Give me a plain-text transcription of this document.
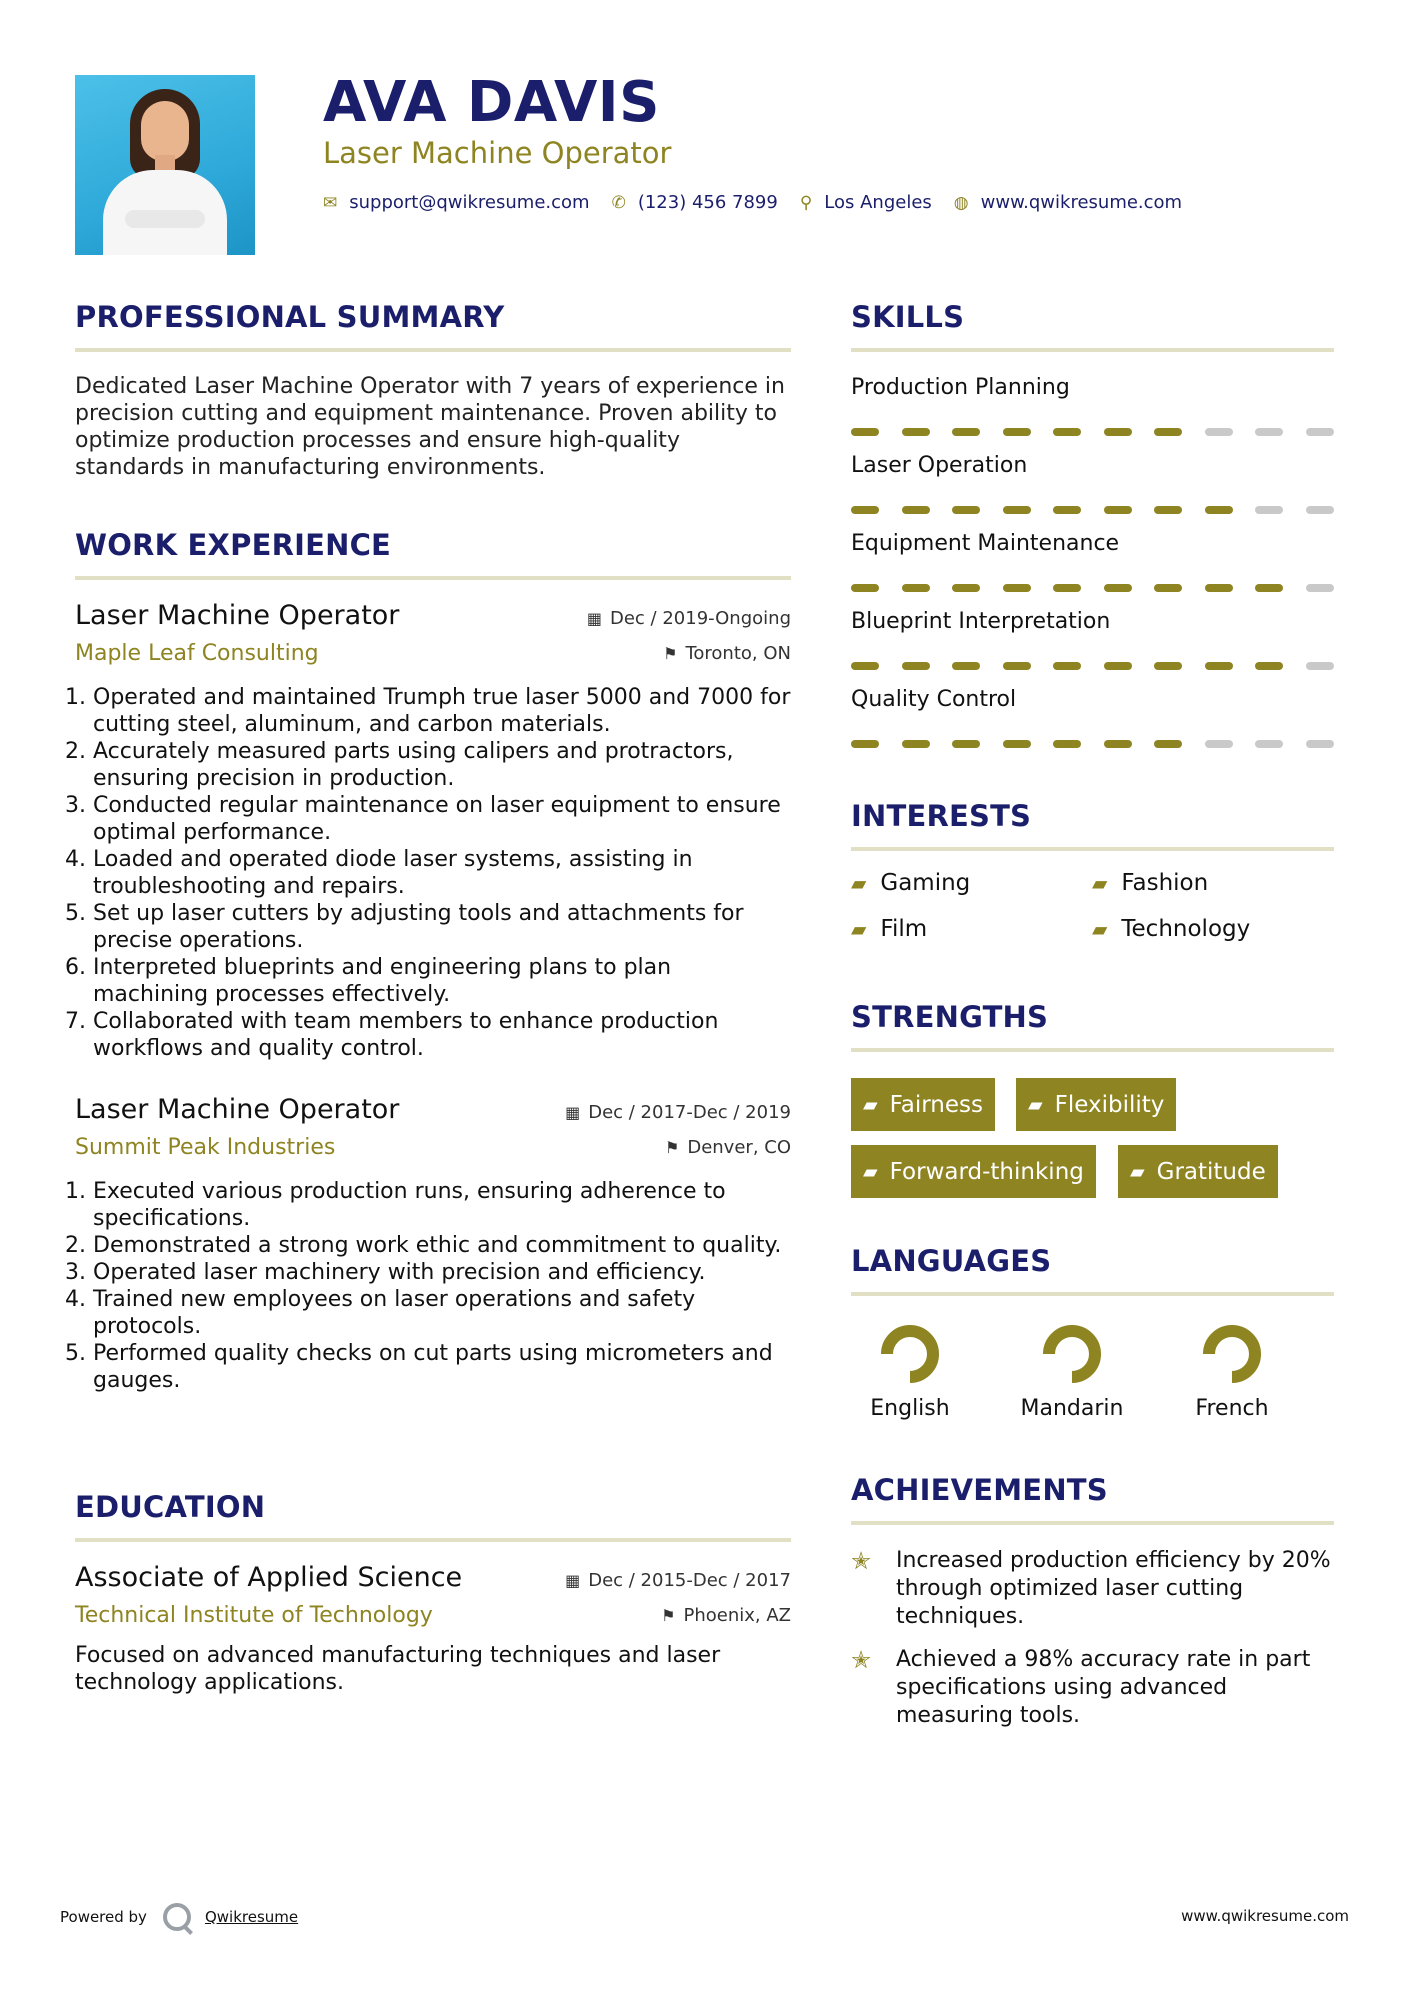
AVA DAVIS
Laser Machine Operator
✉ support@qwikresume.com ✆ (123) 456 7899 ⚲ Los Angeles ◍ www.qwikresume.com
PROFESSIONAL SUMMARY
Dedicated Laser Machine Operator with 7 years of experience in precision cutting and equipment maintenance. Proven ability to optimize production processes and ensure high-quality standards in manufacturing environments.
WORK EXPERIENCE
Laser Machine Operator	▦ Dec / 2019-Ongoing
Maple Leaf Consulting	⚑ Toronto, ON
1. Operated and maintained Trumph true laser 5000 and 7000 for cutting steel, aluminum, and carbon materials.
2. Accurately measured parts using calipers and protractors, ensuring precision in production.
3. Conducted regular maintenance on laser equipment to ensure optimal performance.
4. Loaded and operated diode laser systems, assisting in troubleshooting and repairs.
5. Set up laser cutters by adjusting tools and attachments for precise operations.
6. Interpreted blueprints and engineering plans to plan machining processes effectively.
7. Collaborated with team members to enhance production workflows and quality control.
Laser Machine Operator	▦ Dec / 2017-Dec / 2019
Summit Peak Industries	⚑ Denver, CO
1. Executed various production runs, ensuring adherence to specifications.
2. Demonstrated a strong work ethic and commitment to quality.
3. Operated laser machinery with precision and efficiency.
4. Trained new employees on laser operations and safety protocols.
5. Performed quality checks on cut parts using micrometers and gauges.
EDUCATION
Associate of Applied Science	▦ Dec / 2015-Dec / 2017
Technical Institute of Technology	⚑ Phoenix, AZ
Focused on advanced manufacturing techniques and laser technology applications.
SKILLS
Production Planning
Laser Operation
Equipment Maintenance
Blueprint Interpretation
Quality Control
INTERESTS
▰ Gaming	▰ Fashion
▰ Film	▰ Technology
STRENGTHS
▰ Fairness ▰ Flexibility
▰ Forward-thinking ▰ Gratitude
LANGUAGES
English	Mandarin	French
ACHIEVEMENTS
✭	Increased production efficiency by 20% through optimized laser cutting techniques.
✭	Achieved a 98% accuracy rate in part specifications using advanced measuring tools.
Powered by	Qwikresume	www.qwikresume.com
